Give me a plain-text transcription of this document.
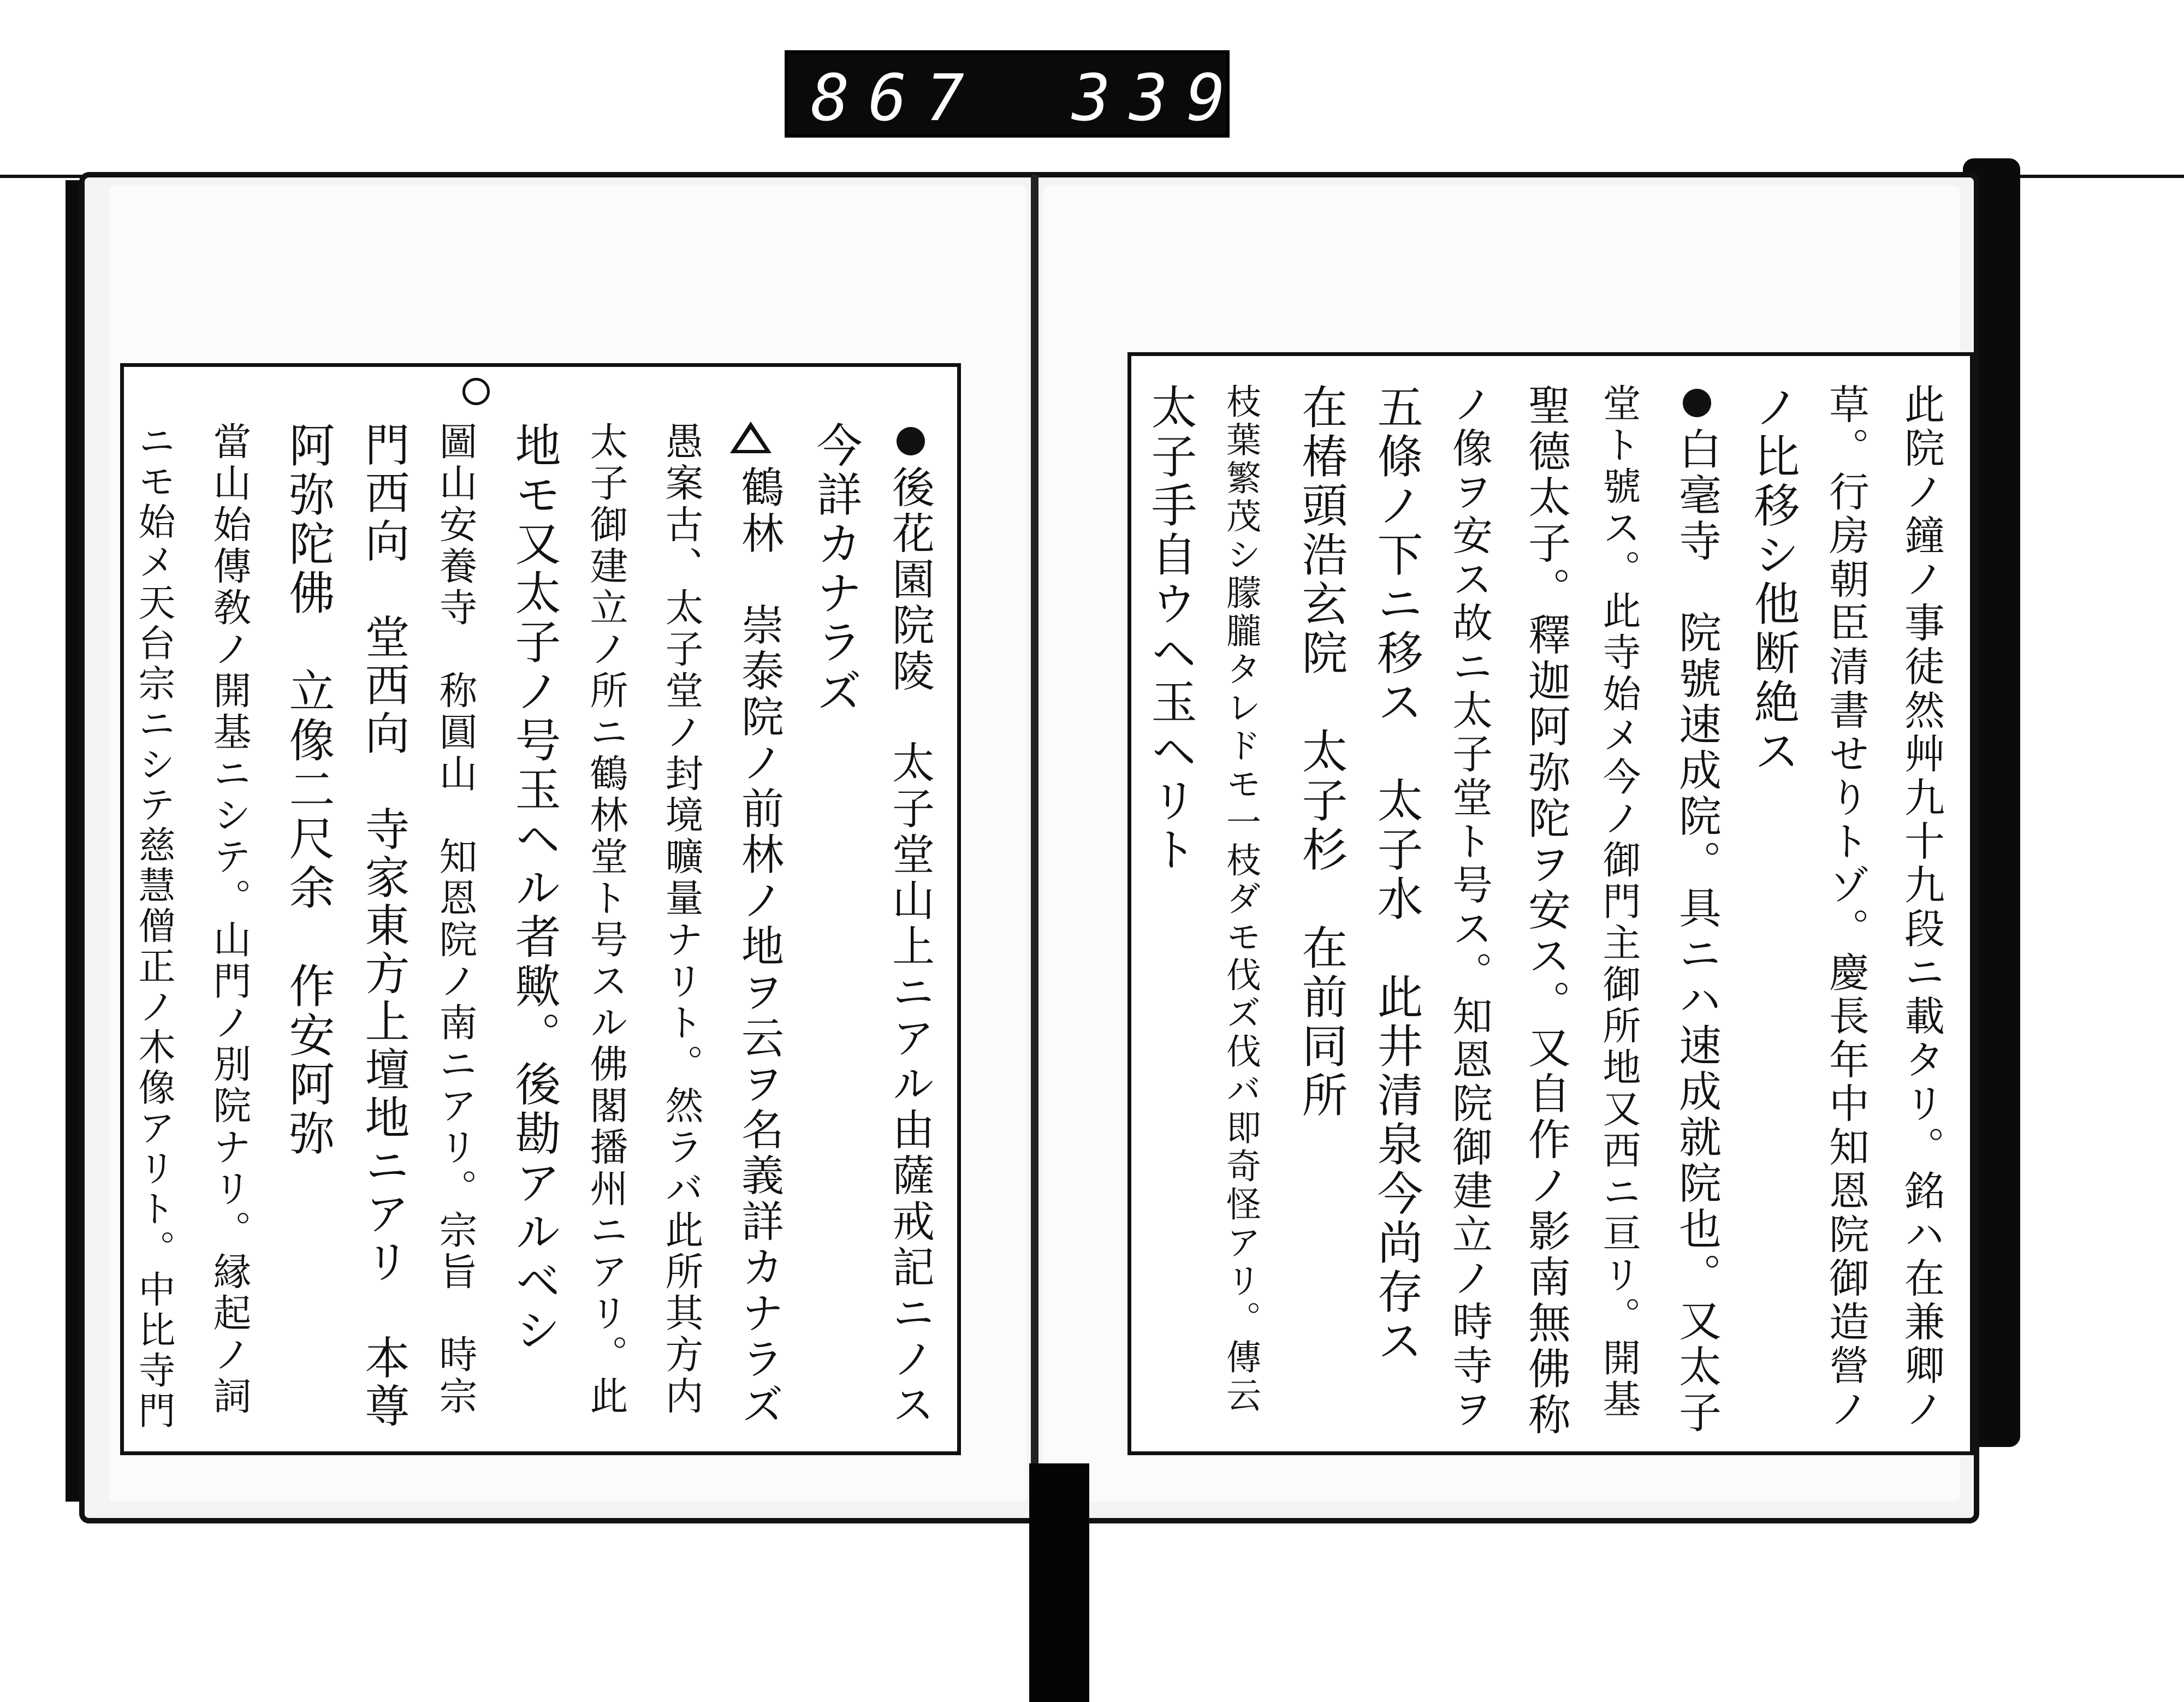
867 339
此院ノ鐘ノ事徒然艸九十九段ニ載タリ。銘ハ在兼卿ノ
草。行房朝臣清書せりトゾ。慶長年中知恩院御造營ノ
ノ比移シ他断絶ス
白毫寺　院號速成院。具ニハ速成就院也。又太子
堂ト號ス。此寺始メ今ノ御門主御所地又西ニ亘リ。開基
聖德太子。釋迦阿弥陀ヲ安ス。又自作ノ影南無佛称
ノ像ヲ安ス故ニ太子堂ト号ス。知恩院御建立ノ時寺ヲ
五條ノ下ニ移ス　太子水　此井清泉今尚存ス
在椿頭浩玄院　太子杉　在前同所
枝葉繁茂シ朦朧タレドモ一枝ダモ伐ズ伐バ即奇怪アリ。傳云
太子手自ウヘ玉ヘリト
後花園院陵　太子堂山上ニアル由薩戒記ニノス
今詳カナラズ
鶴林　崇泰院ノ前林ノ地ヲ云ヲ名義詳カナラズ
愚案古、太子堂ノ封境曠量ナリト。然ラバ此所其方内
太子御建立ノ所ニ鶴林堂ト号スル佛閣播州ニアリ。此
地モ又太子ノ号玉ヘル者歟。後勘アルベシ
圖山安養寺　称圓山　知恩院ノ南ニアリ。宗旨　時宗
門西向　堂西向　寺家東方上壇地ニアリ　本尊
阿弥陀佛　立像二尺余　作安阿弥
當山始傳敎ノ開基ニシテ。山門ノ別院ナリ。縁起ノ詞
ニモ始メ天台宗ニシテ慈慧僧正ノ木像アリト。中比寺門
